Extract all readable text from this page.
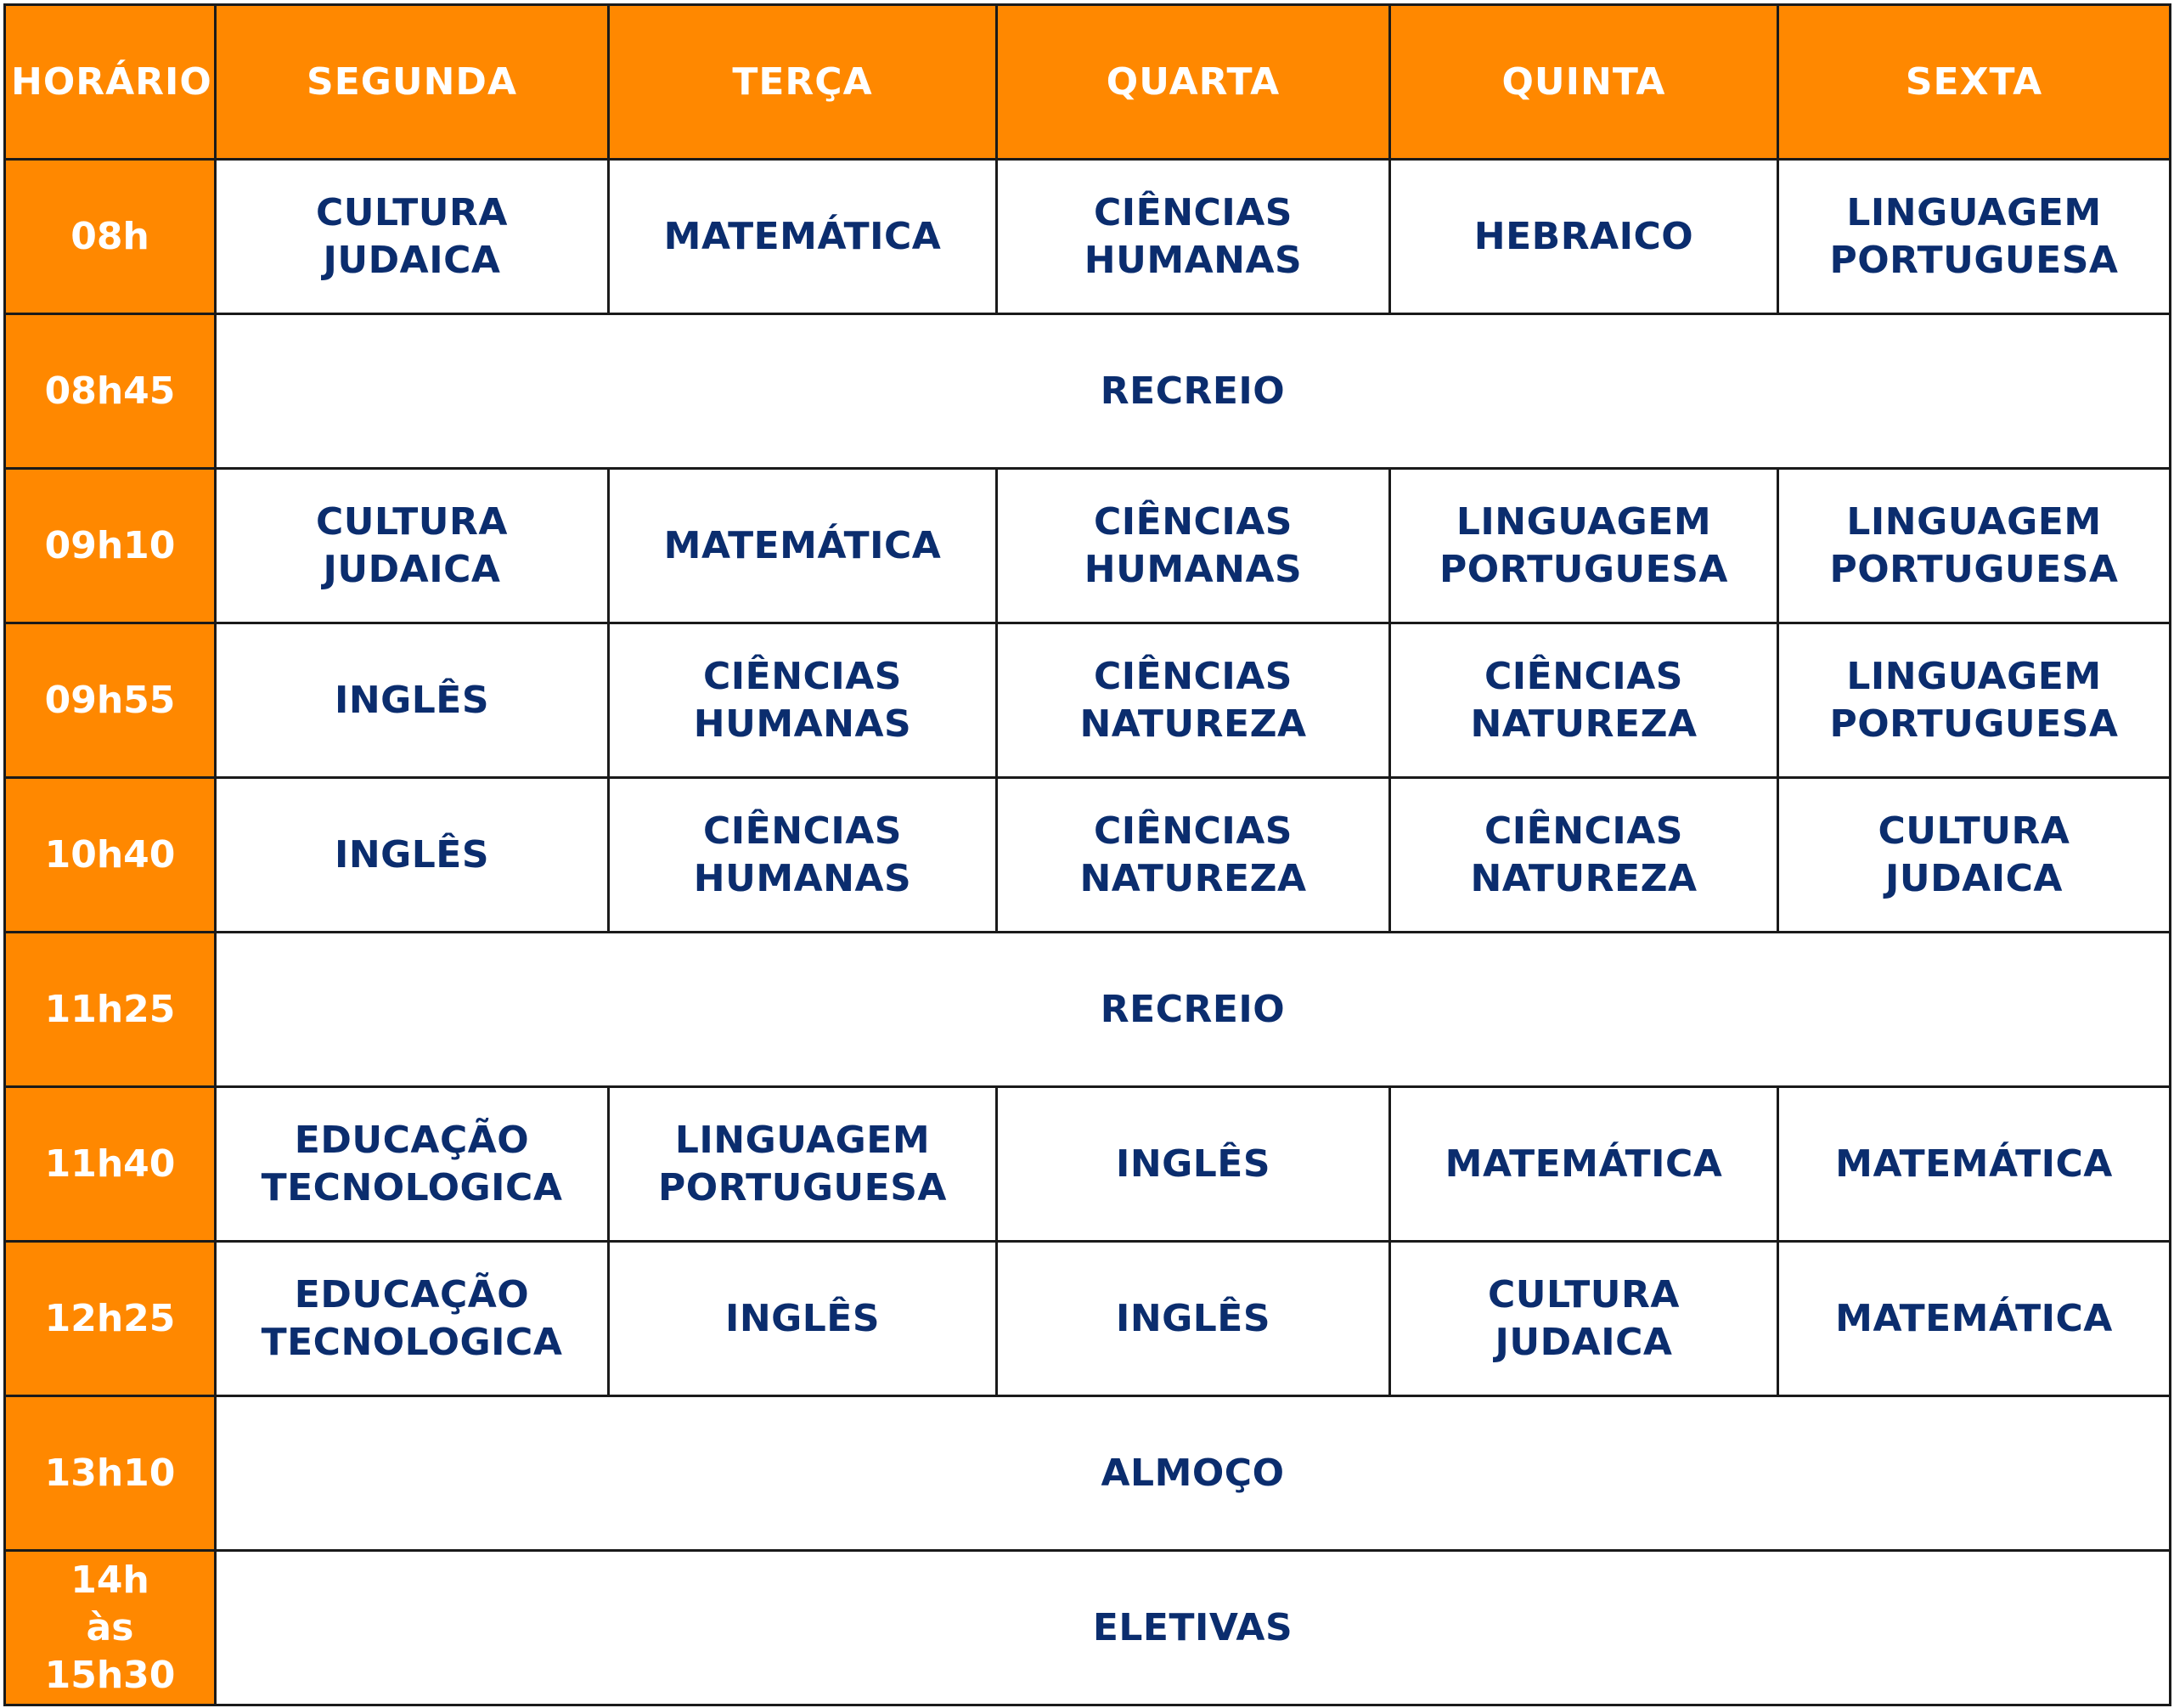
HORÁRIO	SEGUNDA	TERÇA	QUARTA	QUINTA	SEXTA
08h	CULTURA
JUDAICA	MATEMÁTICA	CIÊNCIAS
HUMANAS	HEBRAICO	LINGUAGEM
PORTUGUESA

08h45	RECREIO				
09h10	CULTURA
JUDAICA	MATEMÁTICA	CIÊNCIAS
HUMANAS	LINGUAGEM
PORTUGUESA	LINGUAGEM
PORTUGUESA

09h55	INGLÊS	CIÊNCIAS
HUMANAS	CIÊNCIAS
NATUREZA	CIÊNCIAS
NATUREZA	LINGUAGEM
PORTUGUESA

10h40	INGLÊS	CIÊNCIAS
HUMANAS	CIÊNCIAS
NATUREZA	CIÊNCIAS
NATUREZA	CULTURA
JUDAICA

11h25	RECREIO				
11h40	EDUCAÇÃO
TECNOLOGICA	LINGUAGEM
PORTUGUESA	INGLÊS	MATEMÁTICA	MATEMÁTICA

12h25	EDUCAÇÃO
TECNOLOGICA	INGLÊS	INGLÊS	CULTURA
JUDAICA	MATEMÁTICA

13h10	ALMOÇO				

14h
às
15h30	ELETIVAS				
